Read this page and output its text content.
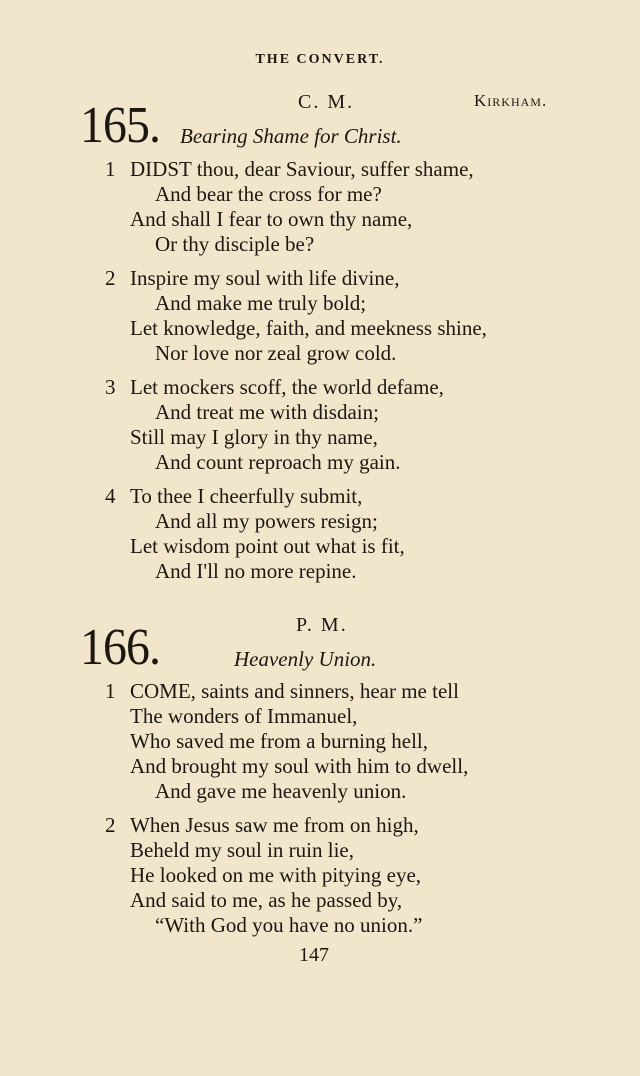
THE CONVERT.
165.	C. M.	Kirkham.
Bearing Shame for Christ.
1 DIDST thou, dear Saviour, suffer shame,
And bear the cross for me?
And shall I fear to own thy name,
Or thy disciple be?
2 Inspire my soul with life divine,
And make me truly bold;
Let knowledge, faith, and meekness shine,
Nor love nor zeal grow cold.
3 Let mockers scoff, the world defame,
And treat me with disdain;
Still may I glory in thy name,
And count reproach my gain.
4 To thee I cheerfully submit,
And all my powers resign;
Let wisdom point out what is fit,
And I'll no more repine.
166.	P. M.
Heavenly Union.
1 COME, saints and sinners, hear me tell
The wonders of Immanuel,
Who saved me from a burning hell,
And brought my soul with him to dwell,
And gave me heavenly union.
2 When Jesus saw me from on high,
Beheld my soul in ruin lie,
He looked on me with pitying eye,
And said to me, as he passed by,
“With God you have no union.”
147
